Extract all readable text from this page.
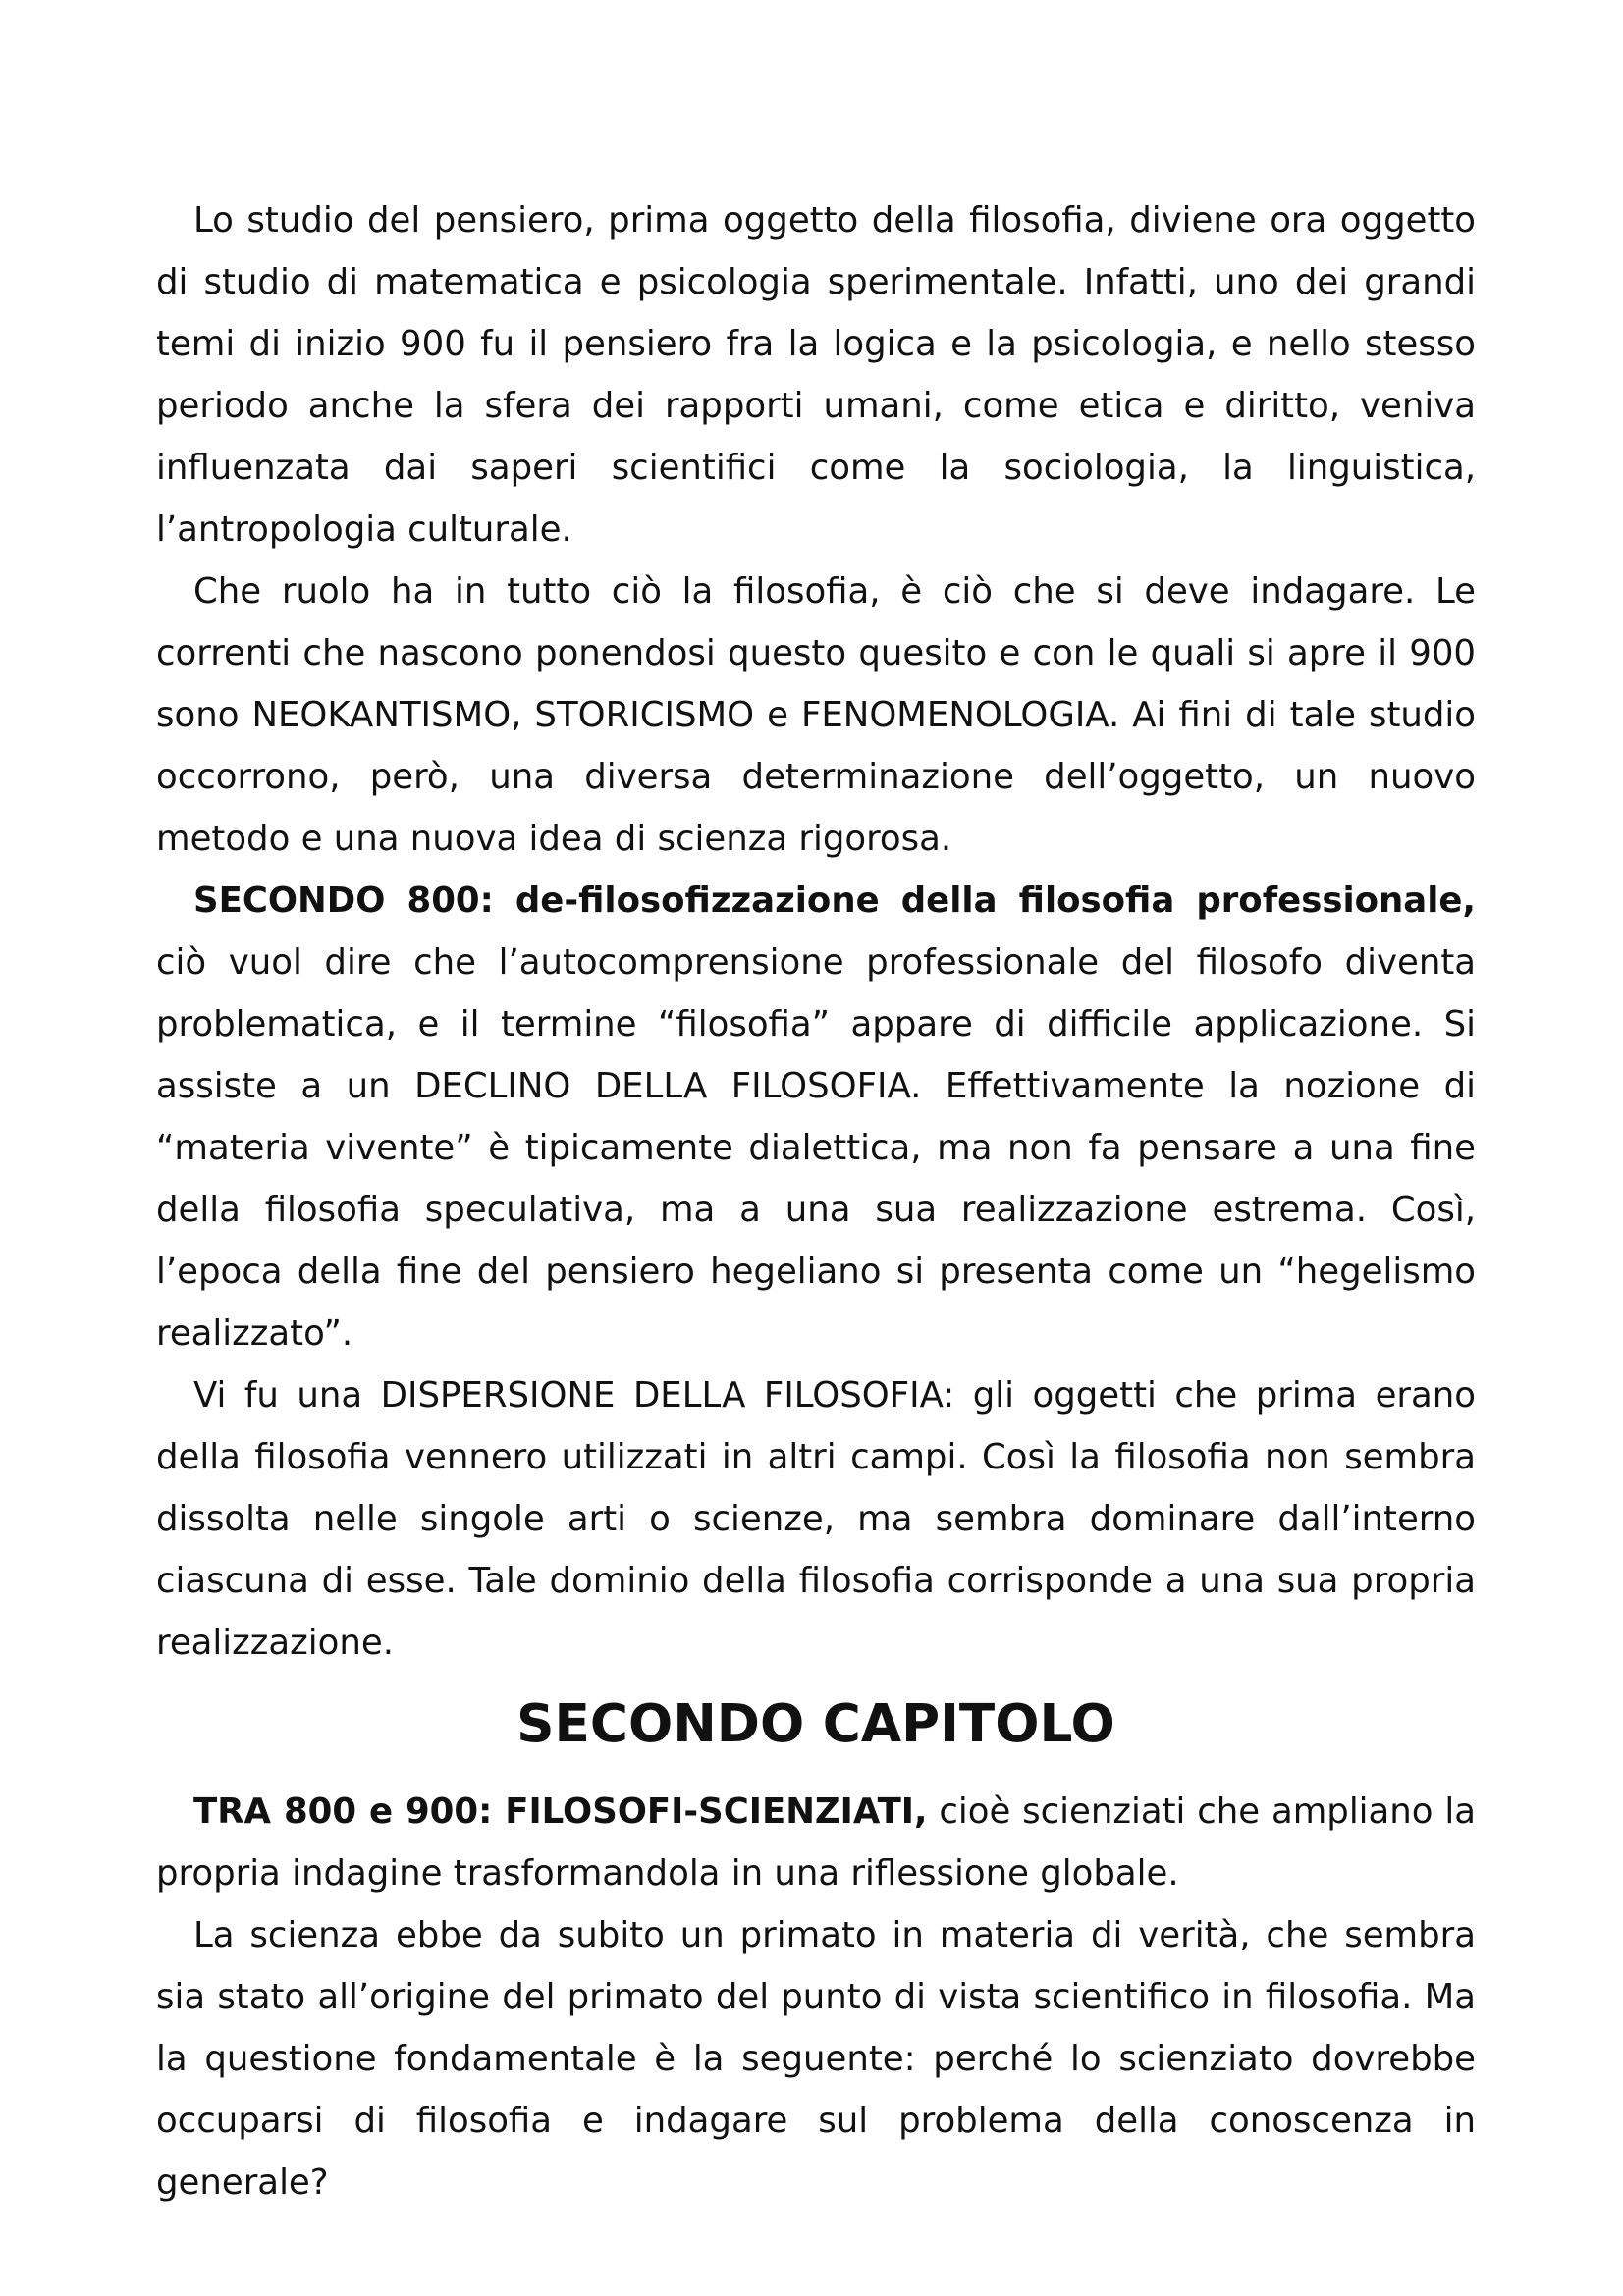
Lo studio del pensiero, prima oggetto della filosofia, diviene ora oggetto di studio di matematica e psicologia sperimentale. Infatti, uno dei grandi temi di inizio 900 fu il pensiero fra la logica e la psicologia, e nello stesso periodo anche la sfera dei rapporti umani, come etica e diritto, veniva influenzata dai saperi scientifici come la sociologia, la linguistica, l’antropologia culturale.

Che ruolo ha in tutto ciò la filosofia, è ciò che si deve indagare. Le correnti che nascono ponendosi questo quesito e con le quali si apre il 900 sono NEOKANTISMO, STORICISMO e FENOMENOLOGIA. Ai fini di tale studio occorrono, però, una diversa determinazione dell’oggetto, un nuovo metodo e una nuova idea di scienza rigorosa.

SECONDO 800: de-filosofizzazione della filosofia professionale, ciò vuol dire che l’autocomprensione professionale del filosofo diventa problematica, e il termine “filosofia” appare di difficile applicazione. Si assiste a un DECLINO DELLA FILOSOFIA. Effettivamente la nozione di “materia vivente” è tipicamente dialettica, ma non fa pensare a una fine della filosofia speculativa, ma a una sua realizzazione estrema. Così, l’epoca della fine del pensiero hegeliano si presenta come un “hegelismo realizzato”.

Vi fu una DISPERSIONE DELLA FILOSOFIA: gli oggetti che prima erano della filosofia vennero utilizzati in altri campi. Così la filosofia non sembra dissolta nelle singole arti o scienze, ma sembra dominare dall’interno ciascuna di esse. Tale dominio della filosofia corrisponde a una sua propria realizzazione.

SECONDO CAPITOLO

TRA 800 e 900: FILOSOFI-SCIENZIATI, cioè scienziati che ampliano la propria indagine trasformandola in una riflessione globale.

La scienza ebbe da subito un primato in materia di verità, che sembra sia stato all’origine del primato del punto di vista scientifico in filosofia. Ma la questione fondamentale è la seguente: perché lo scienziato dovrebbe occuparsi di filosofia e indagare sul problema della conoscenza in generale?
